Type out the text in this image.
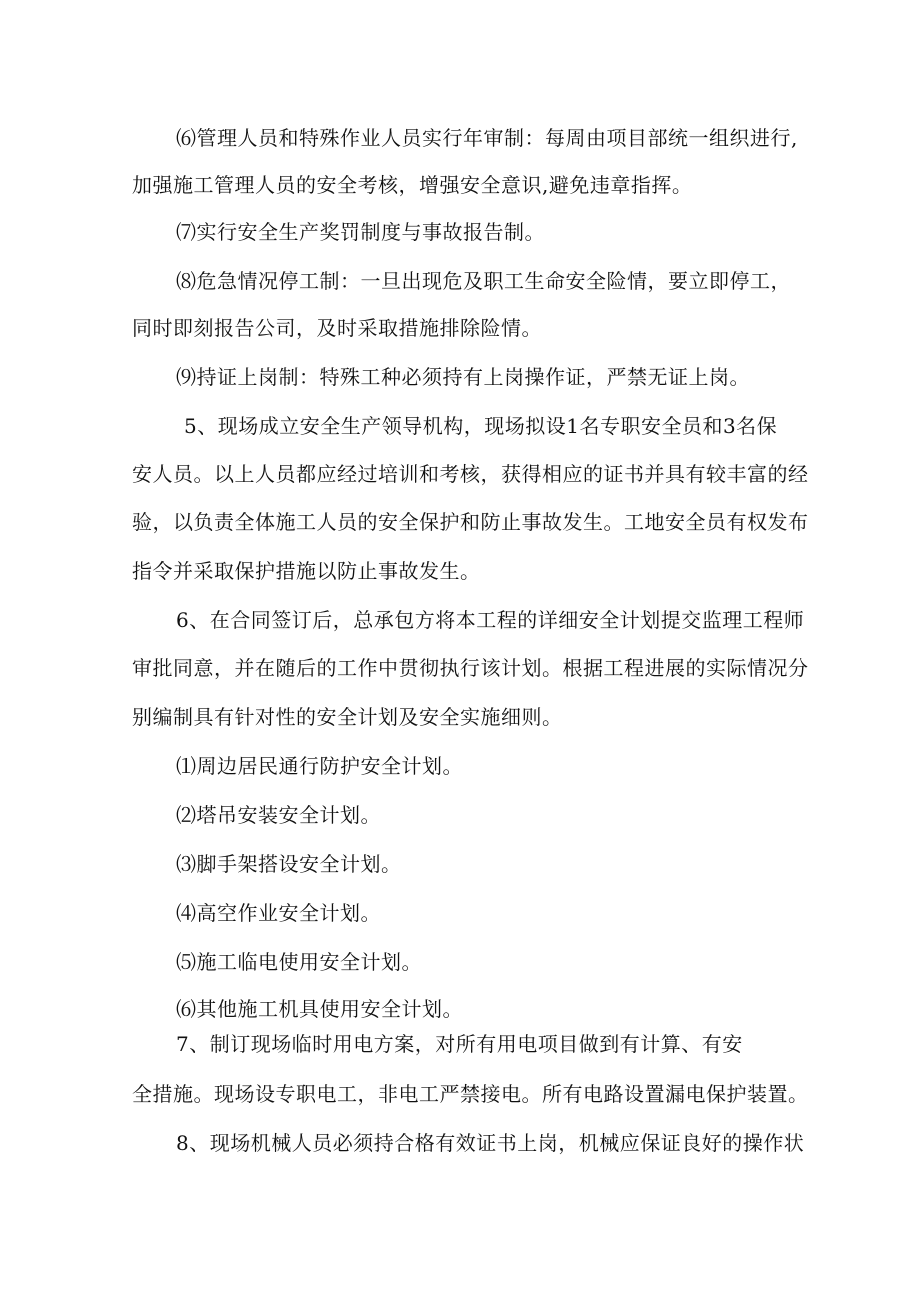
⑹管理人员和特殊作业人员实行年审制：每周由项目部统一组织进行,
加强施工管理人员的安全考核，增强安全意识,避免违章指挥。
⑺实行安全生产奖罚制度与事故报告制。
⑻危急情况停工制：一旦出现危及职工生命安全险情，要立即停工，
同时即刻报告公司，及时采取措施排除险情。
⑼持证上岗制：特殊工种必须持有上岗操作证，严禁无证上岗。
5、现场成立安全生产领导机构，现场拟设1名专职安全员和3名保
安人员。以上人员都应经过培训和考核，获得相应的证书并具有较丰富的经
验，以负责全体施工人员的安全保护和防止事故发生。工地安全员有权发布
指令并采取保护措施以防止事故发生。
6、在合同签订后，总承包方将本工程的详细安全计划提交监理工程师
审批同意，并在随后的工作中贯彻执行该计划。根据工程进展的实际情况分
别编制具有针对性的安全计划及安全实施细则。
⑴周边居民通行防护安全计划。
⑵塔吊安装安全计划。
⑶脚手架搭设安全计划。
⑷高空作业安全计划。
⑸施工临电使用安全计划。
⑹其他施工机具使用安全计划。
7、制订现场临时用电方案，对所有用电项目做到有计算、有安
全措施。现场设专职电工，非电工严禁接电。所有电路设置漏电保护装置。
8、现场机械人员必须持合格有效证书上岗，机械应保证良好的操作状
